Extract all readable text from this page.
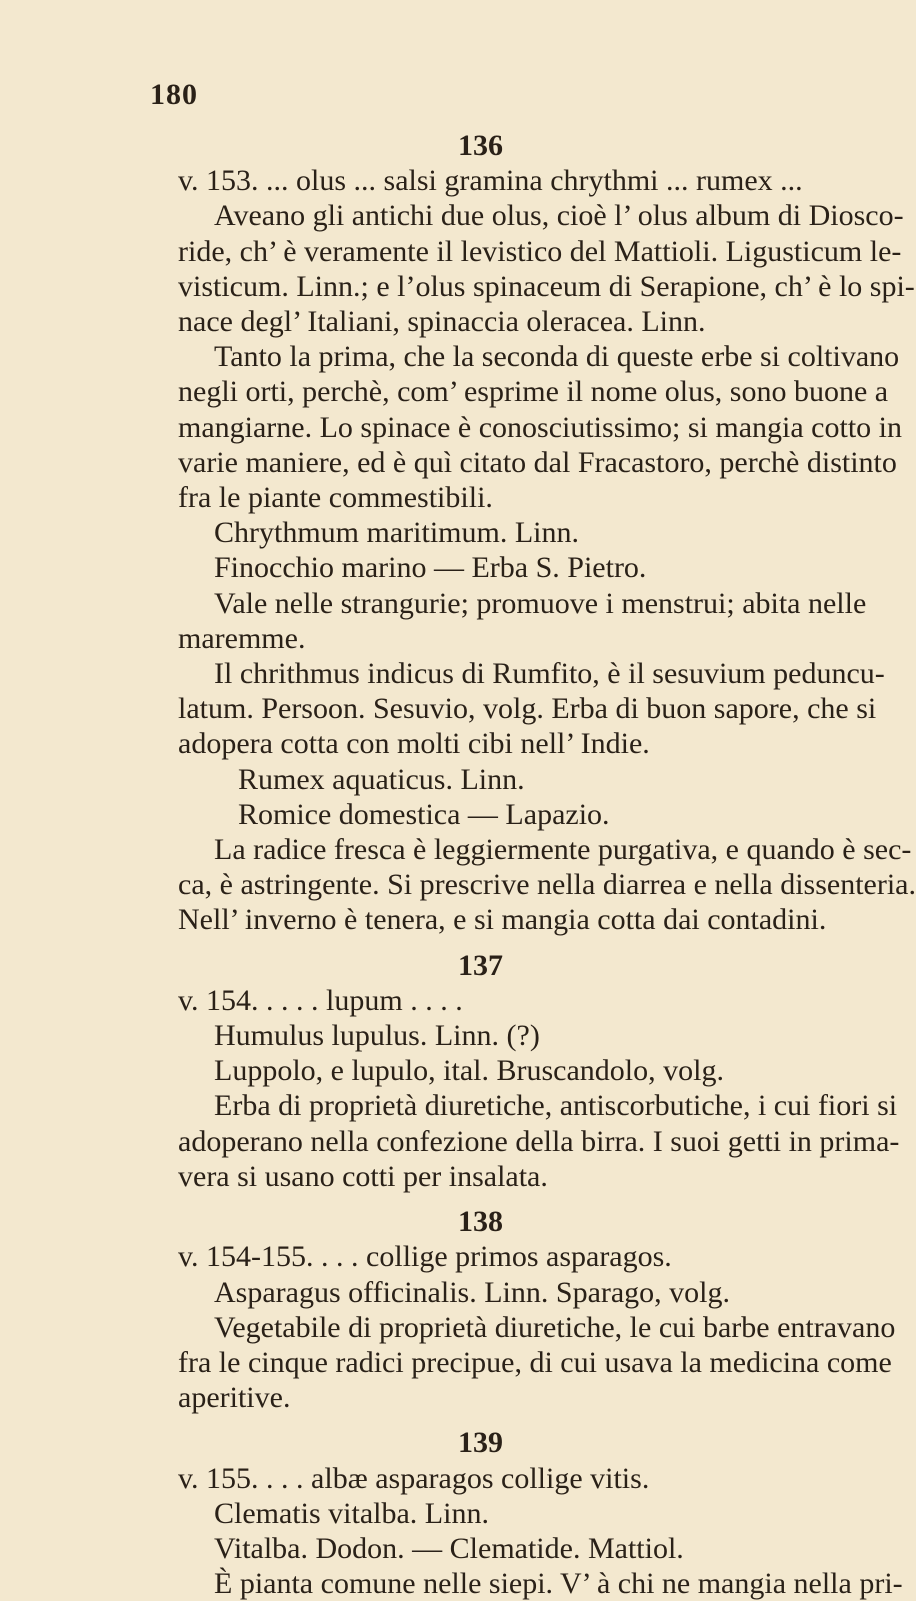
180
136
v. 153. ... olus ... salsi gramina chrythmi ... rumex ...
Aveano gli antichi due olus, cioè l’ olus album di Diosco-
ride, ch’ è veramente il levistico del Mattioli. Ligusticum le-
visticum. Linn.; e l’olus spinaceum di Serapione, ch’ è lo spi-
nace degl’ Italiani, spinaccia oleracea. Linn.
Tanto la prima, che la seconda di queste erbe si coltivano
negli orti, perchè, com’ esprime il nome olus, sono buone a
mangiarne. Lo spinace è conosciutissimo; si mangia cotto in
varie maniere, ed è quì citato dal Fracastoro, perchè distinto
fra le piante commestibili.
Chrythmum maritimum. Linn.
Finocchio marino — Erba S. Pietro.
Vale nelle strangurie; promuove i menstrui; abita nelle
maremme.
Il chrithmus indicus di Rumfito, è il sesuvium peduncu-
latum. Persoon. Sesuvio, volg. Erba di buon sapore, che si
adopera cotta con molti cibi nell’ Indie.
Rumex aquaticus. Linn.
Romice domestica — Lapazio.
La radice fresca è leggiermente purgativa, e quando è sec-
ca, è astringente. Si prescrive nella diarrea e nella dissenteria.
Nell’ inverno è tenera, e si mangia cotta dai contadini.
137
v. 154. . . . . lupum . . . .
Humulus lupulus. Linn. (?)
Luppolo, e lupulo, ital. Bruscandolo, volg.
Erba di proprietà diuretiche, antiscorbutiche, i cui fiori si
adoperano nella confezione della birra. I suoi getti in prima-
vera si usano cotti per insalata.
138
v. 154-155. . . . collige primos asparagos.
Asparagus officinalis. Linn. Sparago, volg.
Vegetabile di proprietà diuretiche, le cui barbe entravano
fra le cinque radici precipue, di cui usava la medicina come
aperitive.
139
v. 155. . . . albæ asparagos collige vitis.
Clematis vitalba. Linn.
Vitalba. Dodon. — Clematide. Mattiol.
È pianta comune nelle siepi. V’ à chi ne mangia nella pri-
